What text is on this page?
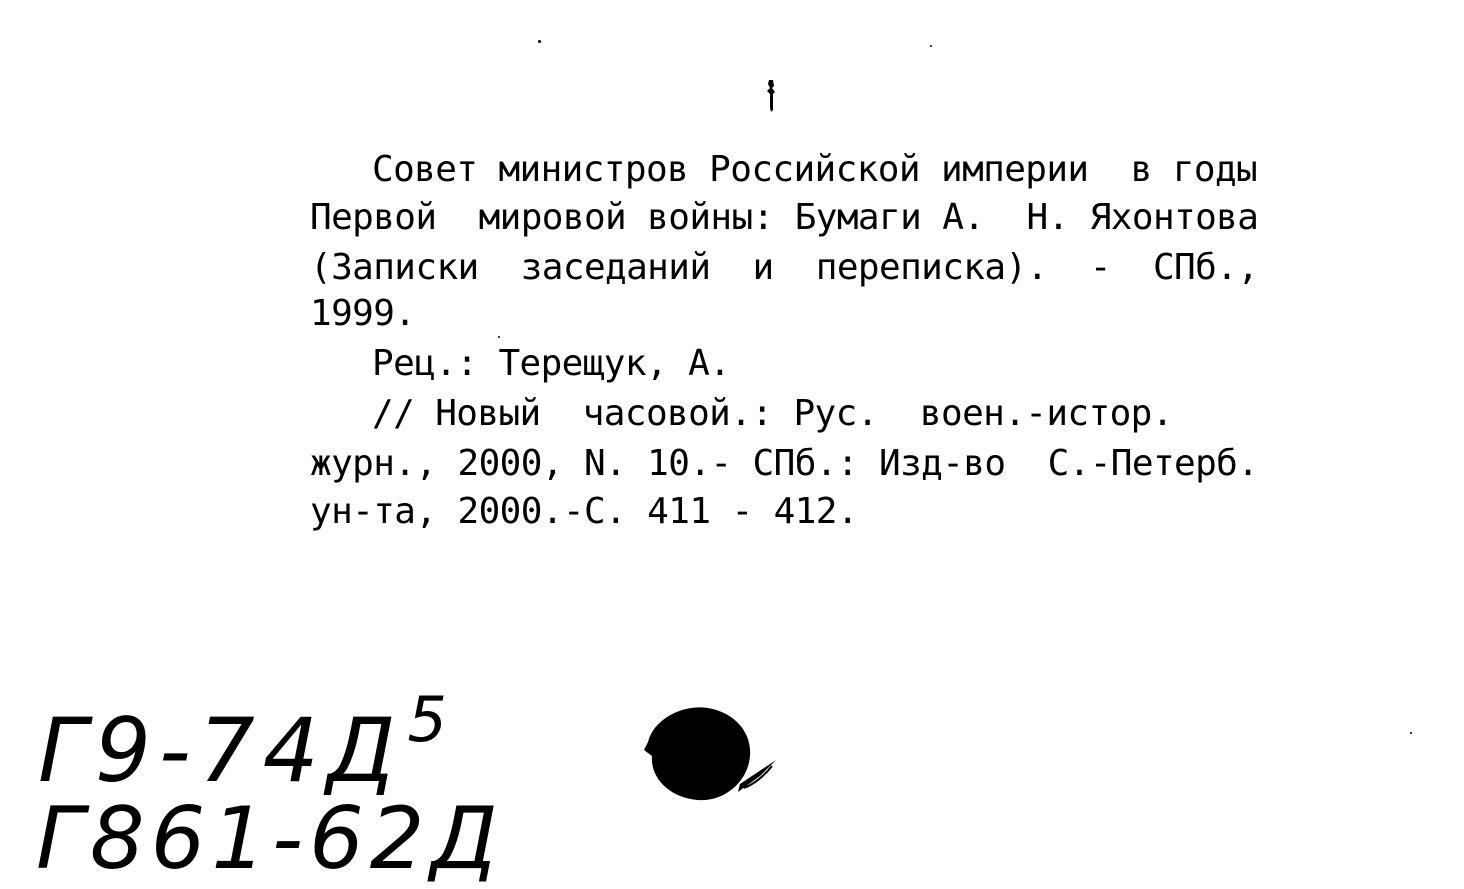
Совет министров Российской империи  в годы
Первой  мировой войны: Бумаги А.  Н. Яхонтова
(Записки  заседаний  и  переписка).  -  СПб.,
1999.
Рец.: Терещук, А.
// Новый  часовой.: Рус.  воен.-истор.
журн., 2000, N. 10.- СПб.: Изд-во  С.-Петерб.
ун-та, 2000.-С. 411 - 412.
$Г9-74Д^5$
Г861-62Д
